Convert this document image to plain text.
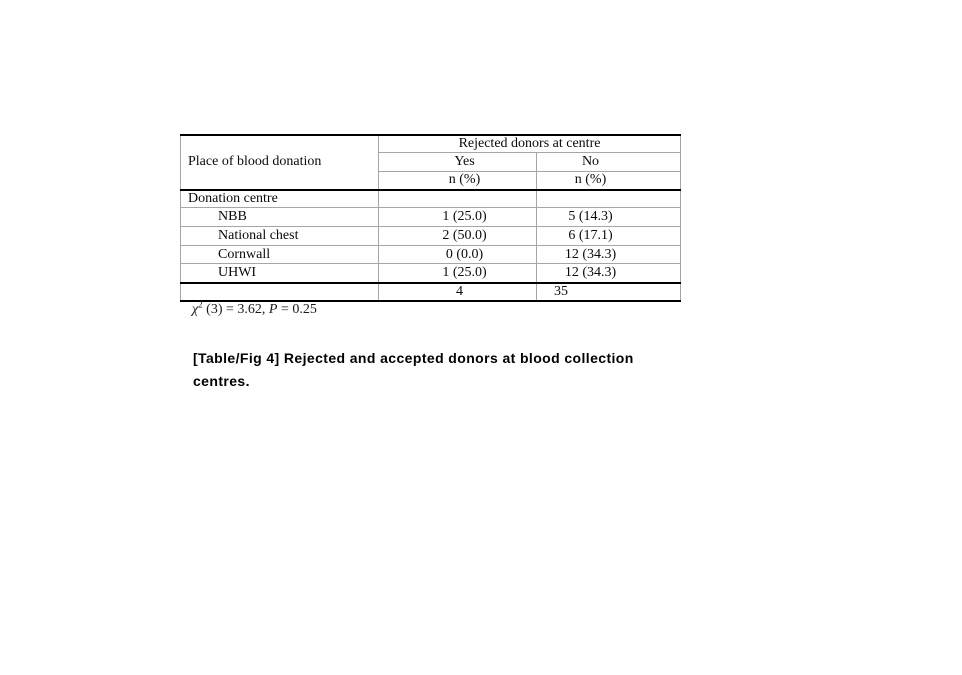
Place of blood donation	Rejected donors at centre	
	Yes	No
	n (%)	n (%)
Donation centre		
NBB	1 (25.0)	5 (14.3)
National chest	2 (50.0)	6 (17.1)
Cornwall	0 (0.0)	12 (34.3)
UHWI	1 (25.0)	12 (34.3)
	4	35
$\chi^2$ (3) = 3.62, P = 0.25
[Table/Fig 4] Rejected and accepted donors at blood collection centres.
